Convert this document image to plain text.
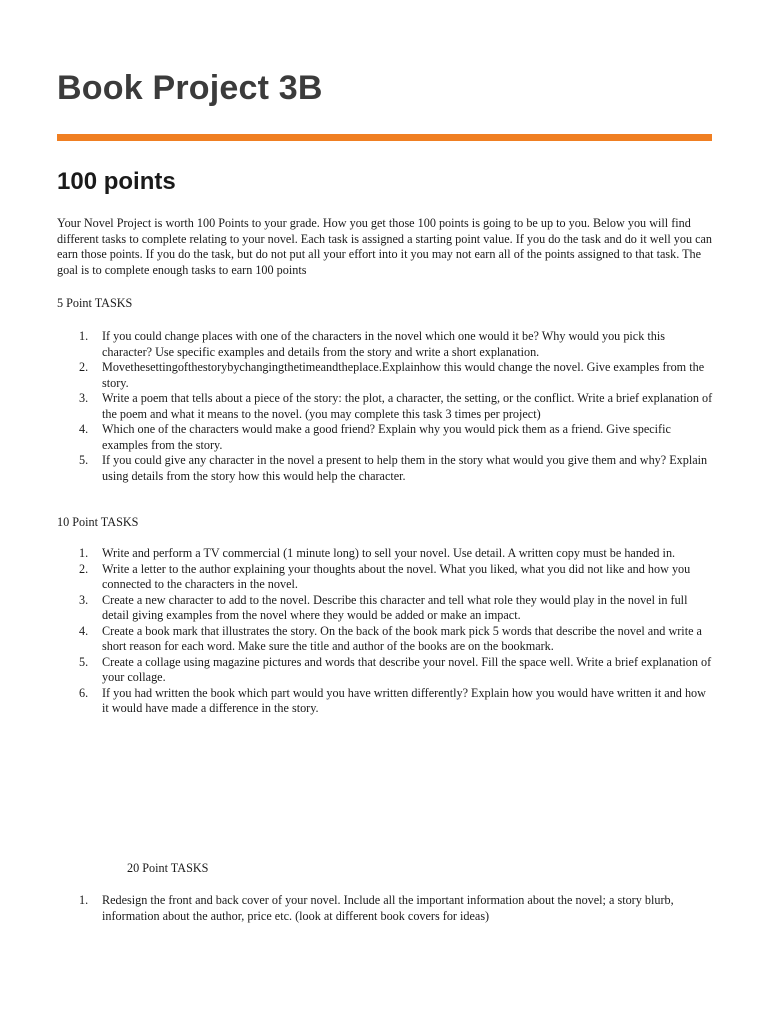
Book Project 3B
100 points

Your Novel Project is worth 100 Points to your grade. How you get those 100 points is going to be up to you. Below you will find different tasks to complete relating to your novel. Each task is assigned a starting point value. If you do the task and do it well you can earn those points. If you do the task, but do not put all your effort into it you may not earn all of the points assigned to that task. The goal is to complete enough tasks to earn 100 points

5 Point TASKS

1. If you could change places with one of the characters in the novel which one would it be? Why would you pick this character? Use specific examples and details from the story and write a short explanation.
2. Movethesettingofthestorybychangingthetimeandtheplace.Explainhow this would change the novel. Give examples from the story.
3. Write a poem that tells about a piece of the story: the plot, a character, the setting, or the conflict. Write a brief explanation of the poem and what it means to the novel. (you may complete this task 3 times per project)
4. Which one of the characters would make a good friend? Explain why you would pick them as a friend. Give specific examples from the story.
5. If you could give any character in the novel a present to help them in the story what would you give them and why? Explain using details from the story how this would help the character.

10 Point TASKS

1. Write and perform a TV commercial (1 minute long) to sell your novel. Use detail. A written copy must be handed in.
2. Write a letter to the author explaining your thoughts about the novel. What you liked, what you did not like and how you connected to the characters in the novel.
3. Create a new character to add to the novel. Describe this character and tell what role they would play in the novel in full detail giving examples from the novel where they would be added or make an impact.
4. Create a book mark that illustrates the story. On the back of the book mark pick 5 words that describe the novel and write a short reason for each word. Make sure the title and author of the books are on the bookmark.
5. Create a collage using magazine pictures and words that describe your novel. Fill the space well. Write a brief explanation of your collage.
6. If you had written the book which part would you have written differently? Explain how you would have written it and how it would have made a difference in the story.

20 Point TASKS

1. Redesign the front and back cover of your novel. Include all the important information about the novel; a story blurb, information about the author, price etc. (look at different book covers for ideas)
